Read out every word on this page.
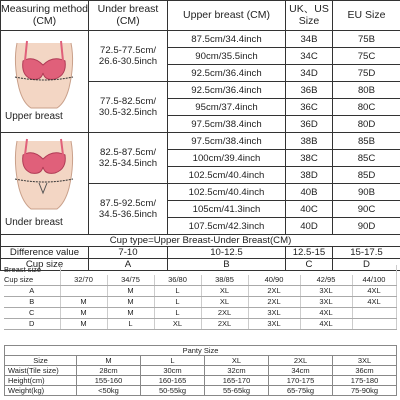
Measuring method (CM)	Under breast (CM)	Upper breast (CM)	UK、US Size	EU Size

Upper breast	72.5-77.5cm/ 26.6-30.5inch	87.5cm/34.4inch	34B	75B
		90cm/35.5inch	34C	75C
		92.5cm/36.4inch	34D	75D
	77.5-82.5cm/ 30.5-32.5inch	92.5cm/36.4inch	36B	80B
		95cm/37.4inch	36C	80C
		97.5cm/38.4inch	36D	80D

Under breast	82.5-87.5cm/ 32.5-34.5inch	97.5cm/38.4inch	38B	85B
		100cm/39.4inch	38C	85C
		102.5cm/40.4inch	38D	85D
	87.5-92.5cm/ 34.5-36.5inch	102.5cm/40.4inch	40B	90B
		105cm/41.3inch	40C	90C
		107.5cm/42.3inch	40D	90D
Cup type=Upper Breast-Under Breast(CM)				
Difference value	7-10	10-12.5	12.5-15	15-17.5
Cup size	A	B	C	D
Breast size							
Cup size	32/70	34/75	36/80	38/85	40/90	42/95	44/100
A		M	L	XL	2XL	3XL	4XL
B	M	M	L	XL	2XL	3XL	4XL
C	M	M	L	2XL	3XL	4XL	
D	M	L	XL	2XL	3XL	4XL	
Panty Size					
Size	M	L	XL	2XL	3XL
Waist(Tile size)	28cm	30cm	32cm	34cm	36cm
Height(cm)	155-160	160-165	165-170	170-175	175-180
Weight(kg)	<50kg	50-55kg	55-65kg	65-75kg	75-90kg
